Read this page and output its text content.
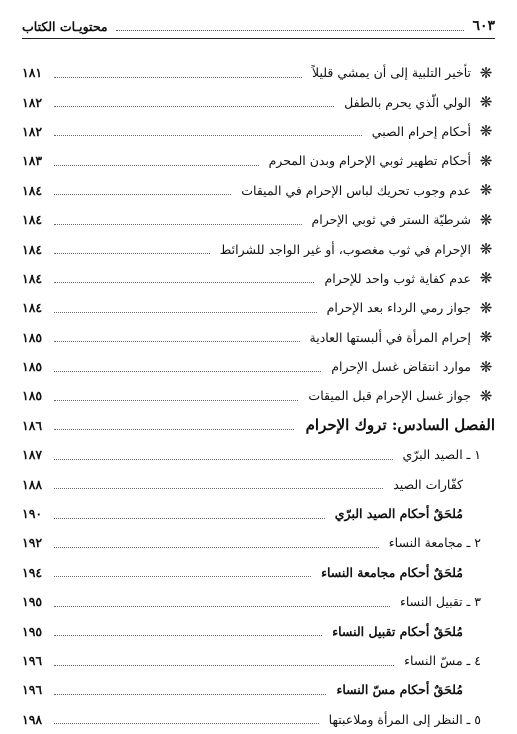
محتويـات الكتاب	٦٠٣
❋
تأخير التلبية إلى أن يمشي قليلاً
١٨١
❋
الولي الّذي يحرم بالطفل
١٨٢
❋
أحكام إحرام الصبي
١٨٢
❋
أحكام تطهير ثوبي الإحرام وبدن المحرم
١٨٣
❋
عدم وجوب تحريك لباس الإحرام في الميقات
١٨٤
❋
شرطيّة الستر في ثوبي الإحرام
١٨٤
❋
الإحرام في ثوب مغصوب، أو غير الواجد للشرائط
١٨٤
❋
عدم كفاية ثوب واحد للإحرام
١٨٤
❋
جواز رمي الرداء بعد الإحرام
١٨٤
❋
إحرام المرأة في ألبستها العادية
١٨٥
❋
موارد انتقاض غسل الإحرام
١٨٥
❋
جواز غسل الإحرام قبل الميقات
١٨٥
الفصل السادس: تروك الإحرام
١٨٦
١ ـ الصيد البرّي
١٨٧
كفّارات الصيد
١٨٨
مُلحَقٌ أحكام الصيد البرّي
١٩٠
٢ ـ مجامعة النساء
١٩٢
مُلحَقٌ أحكام مجامعة النساء
١٩٤
٣ ـ تقبيل النساء
١٩٥
مُلحَقٌ أحكام تقبيل النساء
١٩٥
٤ ـ مسّ النساء
١٩٦
مُلحَقٌ أحكام مسّ النساء
١٩٦
٥ ـ النظر إلى المرأة وملاعبتها
١٩٨
